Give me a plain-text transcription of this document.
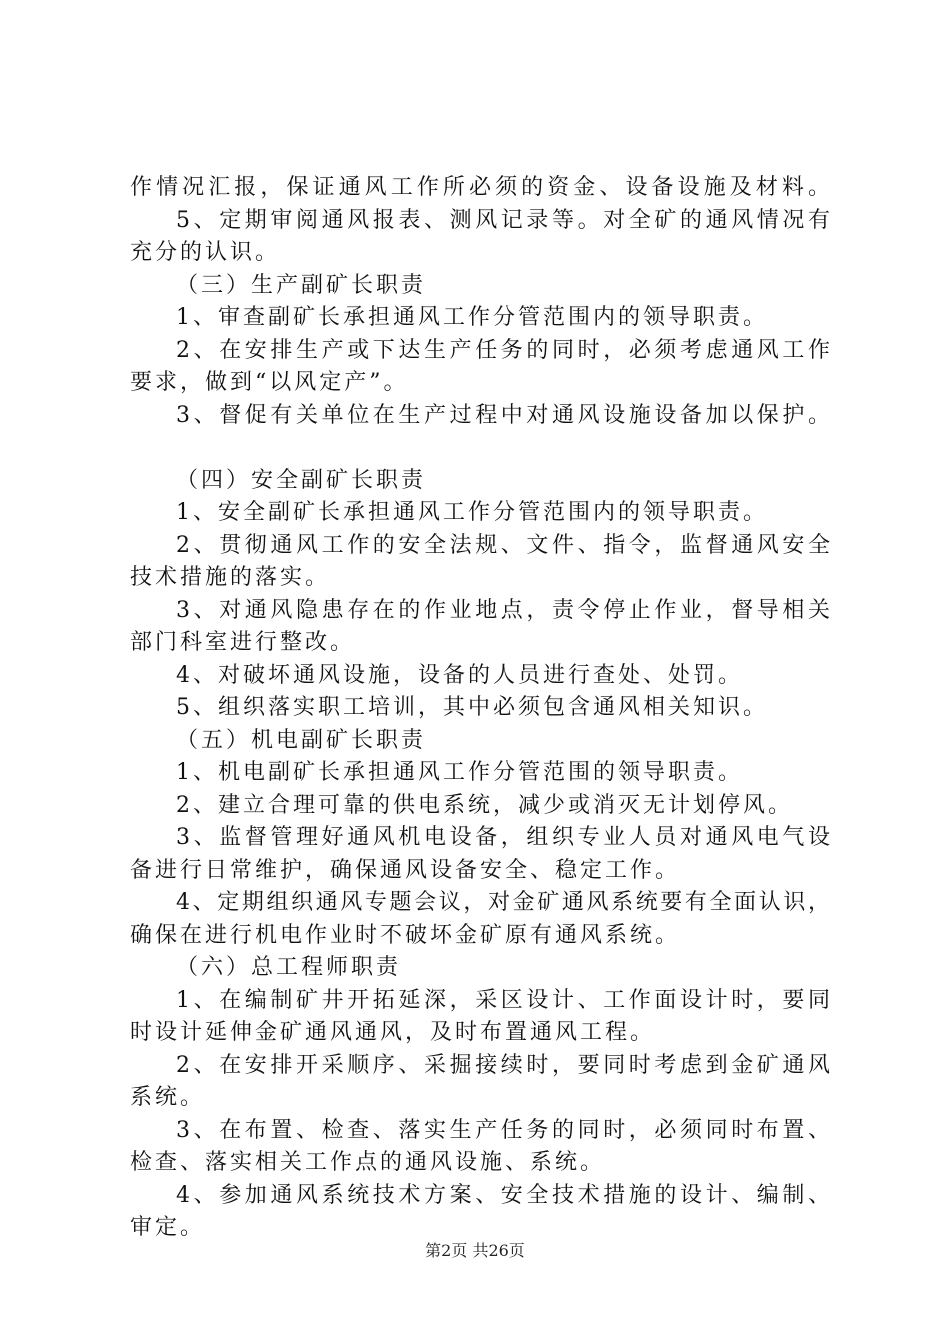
作情况汇报，保证通风工作所必须的资金、设备设施及材料。
5、定期审阅通风报表、测风记录等。对全矿的通风情况有
充分的认识。
（三）生产副矿长职责
1、审查副矿长承担通风工作分管范围内的领导职责。
2、在安排生产或下达生产任务的同时，必须考虑通风工作
要求，做到“以风定产”。
3、督促有关单位在生产过程中对通风设施设备加以保护。
（四）安全副矿长职责
1、安全副矿长承担通风工作分管范围内的领导职责。
2、贯彻通风工作的安全法规、文件、指令，监督通风安全
技术措施的落实。
3、对通风隐患存在的作业地点，责令停止作业，督导相关
部门科室进行整改。
4、对破坏通风设施，设备的人员进行查处、处罚。
5、组织落实职工培训，其中必须包含通风相关知识。
（五）机电副矿长职责
1、机电副矿长承担通风工作分管范围的领导职责。
2、建立合理可靠的供电系统，减少或消灭无计划停风。
3、监督管理好通风机电设备，组织专业人员对通风电气设
备进行日常维护，确保通风设备安全、稳定工作。
4、定期组织通风专题会议，对金矿通风系统要有全面认识，
确保在进行机电作业时不破坏金矿原有通风系统。
（六）总工程师职责
1、在编制矿井开拓延深，采区设计、工作面设计时，要同
时设计延伸金矿通风通风，及时布置通风工程。
2、在安排开采顺序、采掘接续时，要同时考虑到金矿通风
系统。
3、在布置、检查、落实生产任务的同时，必须同时布置、
检查、落实相关工作点的通风设施、系统。
4、参加通风系统技术方案、安全技术措施的设计、编制、
审定。
第2页 共26页
